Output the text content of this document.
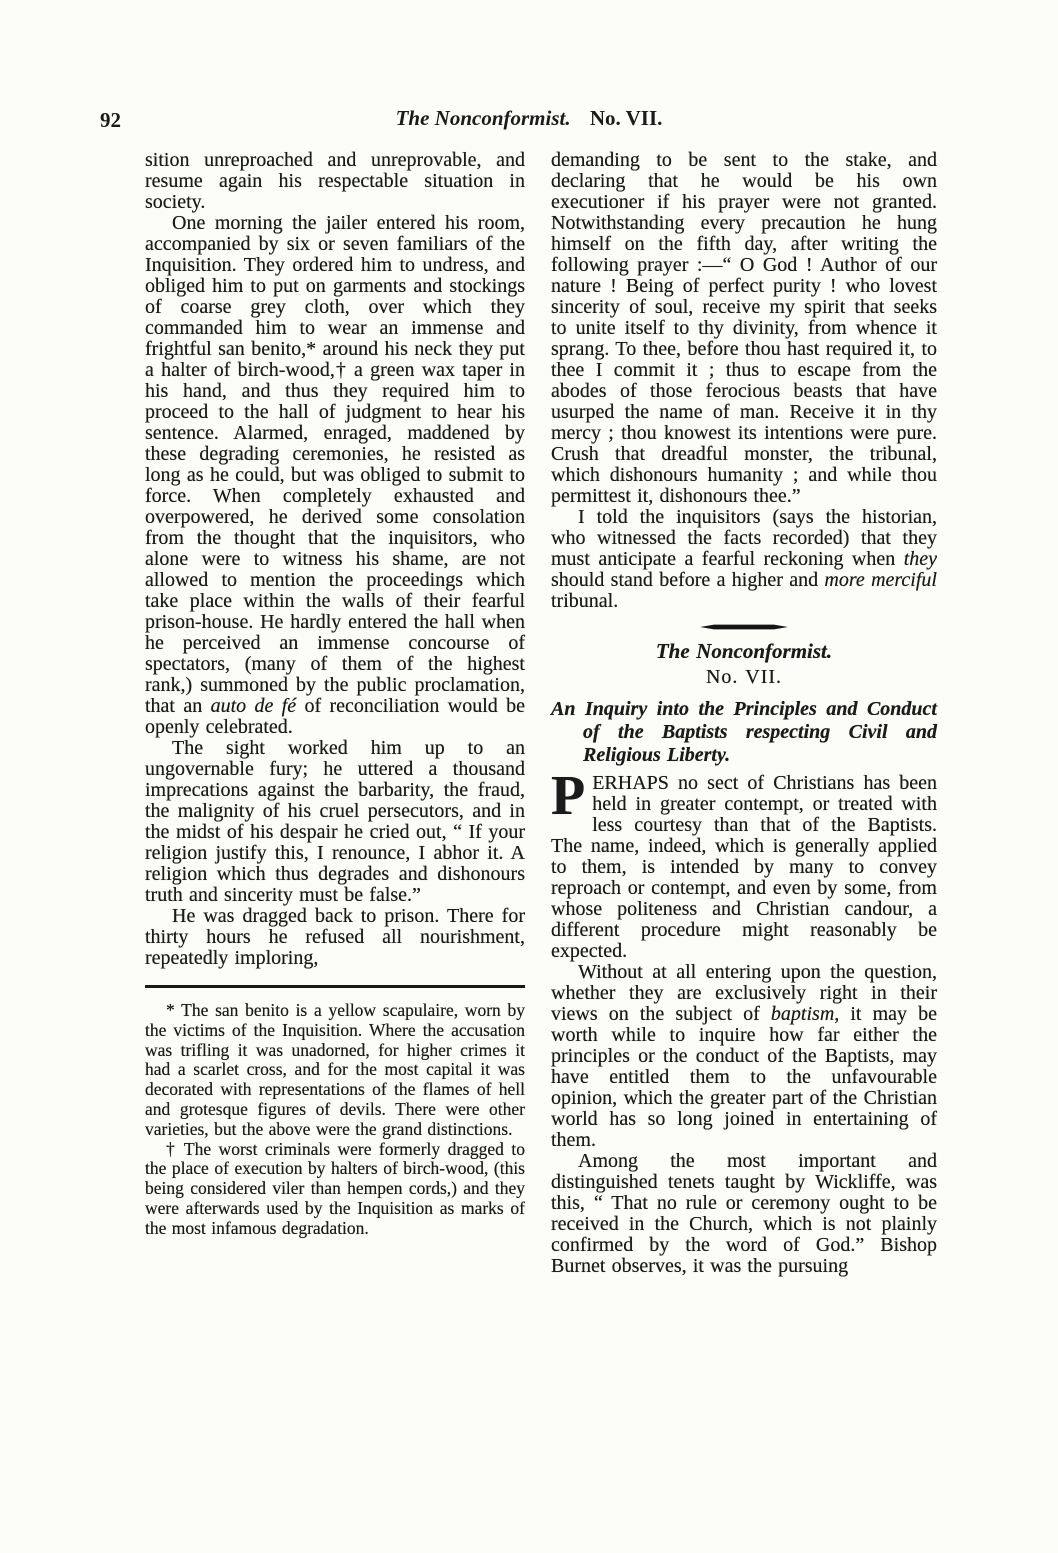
92	The Nonconformist. No. VII.

sition unreproached and unreprovable, and resume again his respectable situation in society.

One morning the jailer entered his room, accompanied by six or seven familiars of the Inquisition. They ordered him to undress, and obliged him to put on garments and stockings of coarse grey cloth, over which they commanded him to wear an immense and frightful san benito,* around his neck they put a halter of birch-wood,† a green wax taper in his hand, and thus they required him to proceed to the hall of judgment to hear his sentence. Alarmed, enraged, maddened by these degrading ceremonies, he resisted as long as he could, but was obliged to submit to force. When completely exhausted and overpowered, he derived some consolation from the thought that the inquisitors, who alone were to witness his shame, are not allowed to mention the proceedings which take place within the walls of their fearful prison-house. He hardly entered the hall when he perceived an immense concourse of spectators, (many of them of the highest rank,) summoned by the public proclamation, that an auto de fé of reconciliation would be openly celebrated.

The sight worked him up to an ungovernable fury; he uttered a thousand imprecations against the barbarity, the fraud, the malignity of his cruel persecutors, and in the midst of his despair he cried out, “ If your religion justify this, I renounce, I abhor it. A religion which thus degrades and dishonours truth and sincerity must be false.”

He was dragged back to prison. There for thirty hours he refused all nourishment, repeatedly imploring,

* The san benito is a yellow scapulaire, worn by the victims of the Inquisition. Where the accusation was trifling it was unadorned, for higher crimes it had a scarlet cross, and for the most capital it was decorated with representations of the flames of hell and grotesque figures of devils. There were other varieties, but the above were the grand distinctions.

† The worst criminals were formerly dragged to the place of execution by halters of birch-wood, (this being considered viler than hempen cords,) and they were afterwards used by the Inquisition as marks of the most infamous degradation.

demanding to be sent to the stake, and declaring that he would be his own executioner if his prayer were not granted. Notwithstanding every precaution he hung himself on the fifth day, after writing the following prayer :—“ O God ! Author of our nature ! Being of perfect purity ! who lovest sincerity of soul, receive my spirit that seeks to unite itself to thy divinity, from whence it sprang. To thee, before thou hast required it, to thee I commit it ; thus to escape from the abodes of those ferocious beasts that have usurped the name of man. Receive it in thy mercy ; thou knowest its intentions were pure. Crush that dreadful monster, the tribunal, which dishonours humanity ; and while thou permittest it, dishonours thee.”

I told the inquisitors (says the historian, who witnessed the facts recorded) that they must anticipate a fearful reckoning when they should stand before a higher and more merciful tribunal.

The Nonconformist.

No. VII.

An Inquiry into the Principles and Conduct of the Baptists respecting Civil and Religious Liberty.

PERHAPS no sect of Christians has been held in greater contempt, or treated with less courtesy than that of the Baptists. The name, indeed, which is generally applied to them, is intended by many to convey reproach or contempt, and even by some, from whose politeness and Christian candour, a different procedure might reasonably be expected.

Without at all entering upon the question, whether they are exclusively right in their views on the subject of baptism, it may be worth while to inquire how far either the principles or the conduct of the Baptists, may have entitled them to the unfavourable opinion, which the greater part of the Christian world has so long joined in entertaining of them.

Among the most important and distinguished tenets taught by Wickliffe, was this, “ That no rule or ceremony ought to be received in the Church, which is not plainly confirmed by the word of God.” Bishop Burnet observes, it was the pursuing
